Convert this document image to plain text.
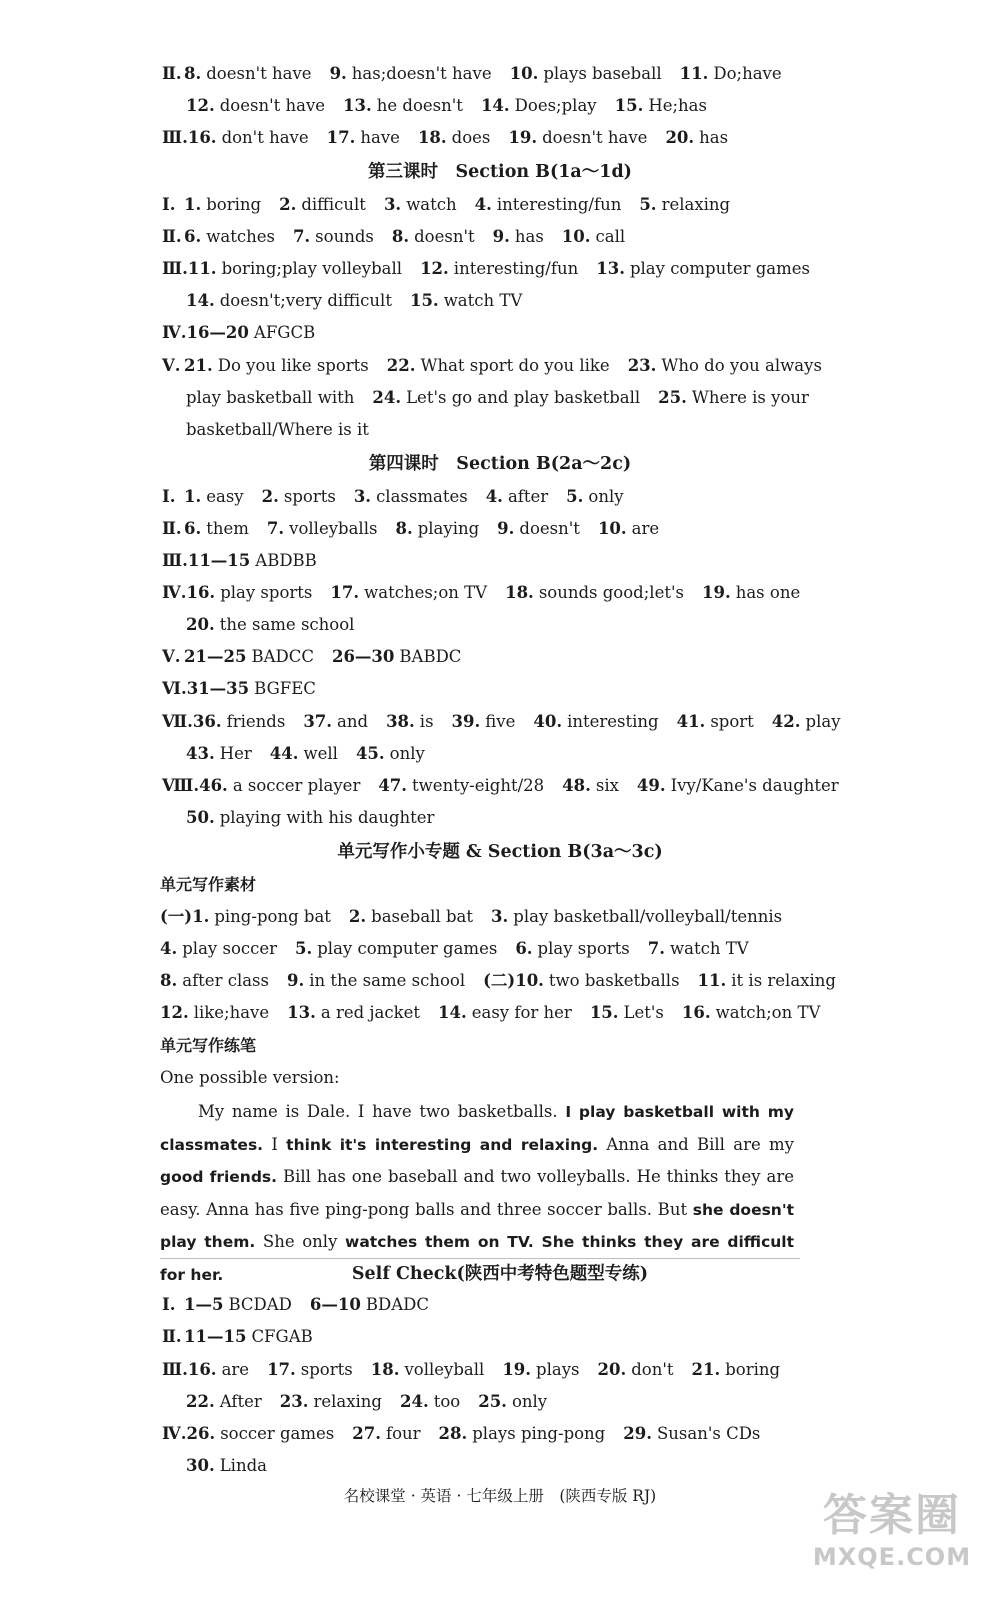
Ⅱ. 8. doesn't have 9. has;doesn't have 10. plays baseball 11. Do;have
12. doesn't have 13. he doesn't 14. Does;play 15. He;has
Ⅲ.16. don't have 17. have 18. does 19. doesn't have 20. has
第三课时　Section B(1a～1d)
Ⅰ. 1. boring 2. difficult 3. watch 4. interesting/fun 5. relaxing
Ⅱ. 6. watches 7. sounds 8. doesn't 9. has 10. call
Ⅲ.11. boring;play volleyball 12. interesting/fun 13. play computer games
14. doesn't;very difficult 15. watch TV
Ⅳ.16—20 AFGCB
Ⅴ. 21. Do you like sports 22. What sport do you like 23. Who do you always
play basketball with 24. Let's go and play basketball 25. Where is your
basketball/Where is it
第四课时　Section B(2a～2c)
Ⅰ. 1. easy 2. sports 3. classmates 4. after 5. only
Ⅱ. 6. them 7. volleyballs 8. playing 9. doesn't 10. are
Ⅲ.11—15 ABDBB
Ⅳ.16. play sports 17. watches;on TV 18. sounds good;let's 19. has one
20. the same school
Ⅴ. 21—25 BADCC 26—30 BABDC
Ⅵ.31—35 BGFEC
Ⅶ.36. friends 37. and 38. is 39. five 40. interesting 41. sport 42. play
43. Her 44. well 45. only
Ⅷ.46. a soccer player 47. twenty-eight/28 48. six 49. Ivy/Kane's daughter
50. playing with his daughter
单元写作小专题 & Section B(3a～3c)
单元写作素材
(一)1. ping-pong bat 2. baseball bat 3. play basketball/volleyball/tennis
4. play soccer 5. play computer games 6. play sports 7. watch TV
8. after class 9. in the same school (二)10. two basketballs 11. it is relaxing
12. like;have 13. a red jacket 14. easy for her 15. Let's 16. watch;on TV
单元写作练笔
One possible version:
My name is Dale. I have two basketballs. I play basketball with my classmates. I think it's interesting and relaxing. Anna and Bill are my good friends. Bill has one baseball and two volleyballs. He thinks they are easy. Anna has five ping-pong balls and three soccer balls. But she doesn't play them. She only watches them on TV. She thinks they are difficult for her.	Self Check(陕西中考特色题型专练)
Ⅰ. 1—5 BCDAD 6—10 BDADC
Ⅱ. 11—15 CFGAB
Ⅲ.16. are 17. sports 18. volleyball 19. plays 20. don't 21. boring
22. After 23. relaxing 24. too 25. only
Ⅳ.26. soccer games 27. four 28. plays ping-pong 29. Susan's CDs
30. Linda
名校课堂 · 英语 · 七年级上册　(陕西专版 RJ)	答案圈
MXQE.COM
